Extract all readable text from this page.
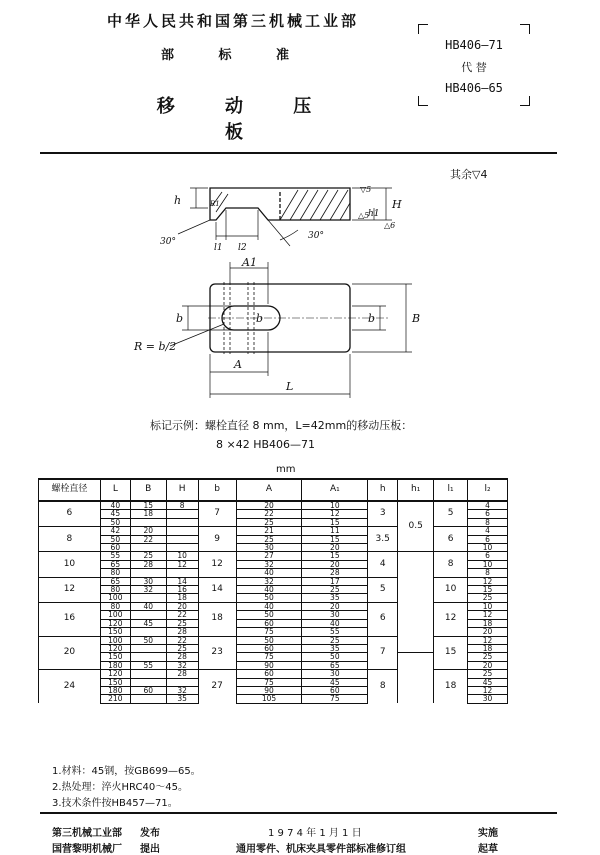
中华人民共和国第三机械工业部
部 标 准
移 动 压 板
HB406—71
代 替
HB406—65
其余▽4
h
30°
l1 l2
30°
R1
▽5
△5
△6
h1
H
A1
b	b	b	B
A
L
R = b/2
标记示例：螺栓直径 8 mm，L=42mm的移动压板：
8 ×42 HB406—71
mm
螺栓直径	L	B	H	b	A	A₁	h	h₁	l₁	l₂
6	40	15	8	7	20	10	3	0.5	5	4
	45	18			22	12				6
	50				25	15				8
8	42	20		9	21	11	3.5		6	4
	50	22			25	15				6
	60				30	20				10
10	55	25	10	12	27	15	4		8	6
	65	28	12		32	20				10
	80				40	28				8
12	65	30	14	14	32	17	5		10	12
	80	32	16		40	25				15
	100		18		50	35				25
16	80	40	20	18	40	20	6		12	10
	100		22		50	30				12
	120	45	25		60	40				18
	150		28		75	55				20
20	100	50	22	23	50	25	7		15	12
	120		25		60	35				18
	150		28		75	50				25
	180	55	32		90	65				20
24	120		28	27	60	30	8		18	25
	150				75	45				45
	180	60	32		90	60				12
	210		35		105	75				30
1.材料：45钢，按GB699—65。
2.热处理：淬火HRC40～45。
3.技术条件按HB457—71。
第三机械工业部 发布
国营黎明机械厂 提出
1 9 7 4 年 1 月 1 日	实施
通用零件、机床夹具零件部标准修订组	起草
